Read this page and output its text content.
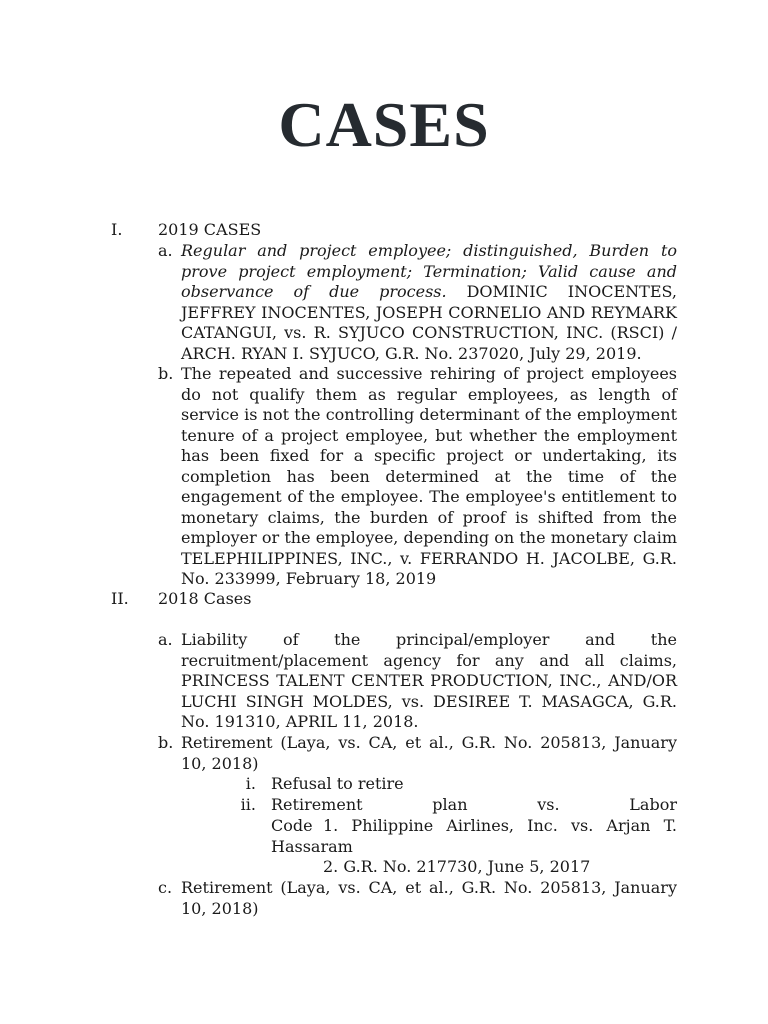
CASES
I. 2019 CASES
a. Regular and project employee; distinguished, Burden to prove project employment; Termination; Valid cause and observance of due process. DOMINIC INOCENTES, JEFFREY INOCENTES, JOSEPH CORNELIO AND REYMARK CATANGUI, vs. R. SYJUCO CONSTRUCTION, INC. (RSCI) / ARCH. RYAN I. SYJUCO, G.R. No. 237020, July 29, 2019.
b. The repeated and successive rehiring of project employees do not qualify them as regular employees, as length of service is not the controlling determinant of the employment tenure of a project employee, but whether the employment has been fixed for a specific project or undertaking, its completion has been determined at the time of the engagement of the employee. The employee's entitlement to monetary claims, the burden of proof is shifted from the employer or the employee, depending on the monetary claim TELEPHILIPPINES, INC., v. FERRANDO H. JACOLBE, G.R. No. 233999, February 18, 2019
II. 2018 Cases
a. Liability of the principal/employer and the recruitment/placement agency for any and all claims, PRINCESS TALENT CENTER PRODUCTION, INC., AND/OR LUCHI SINGH MOLDES, vs. DESIREE T. MASAGCA, G.R. No. 191310, APRIL 11, 2018.
b. Retirement (Laya, vs. CA, et al., G.R. No. 205813, January 10, 2018)
i. Refusal to retire
ii. Retirement plan vs. Labor Code 1. Philippine Airlines, Inc. vs. Arjan T. Hassaram
2. G.R. No. 217730, June 5, 2017
c. Retirement (Laya, vs. CA, et al., G.R. No. 205813, January 10, 2018)
